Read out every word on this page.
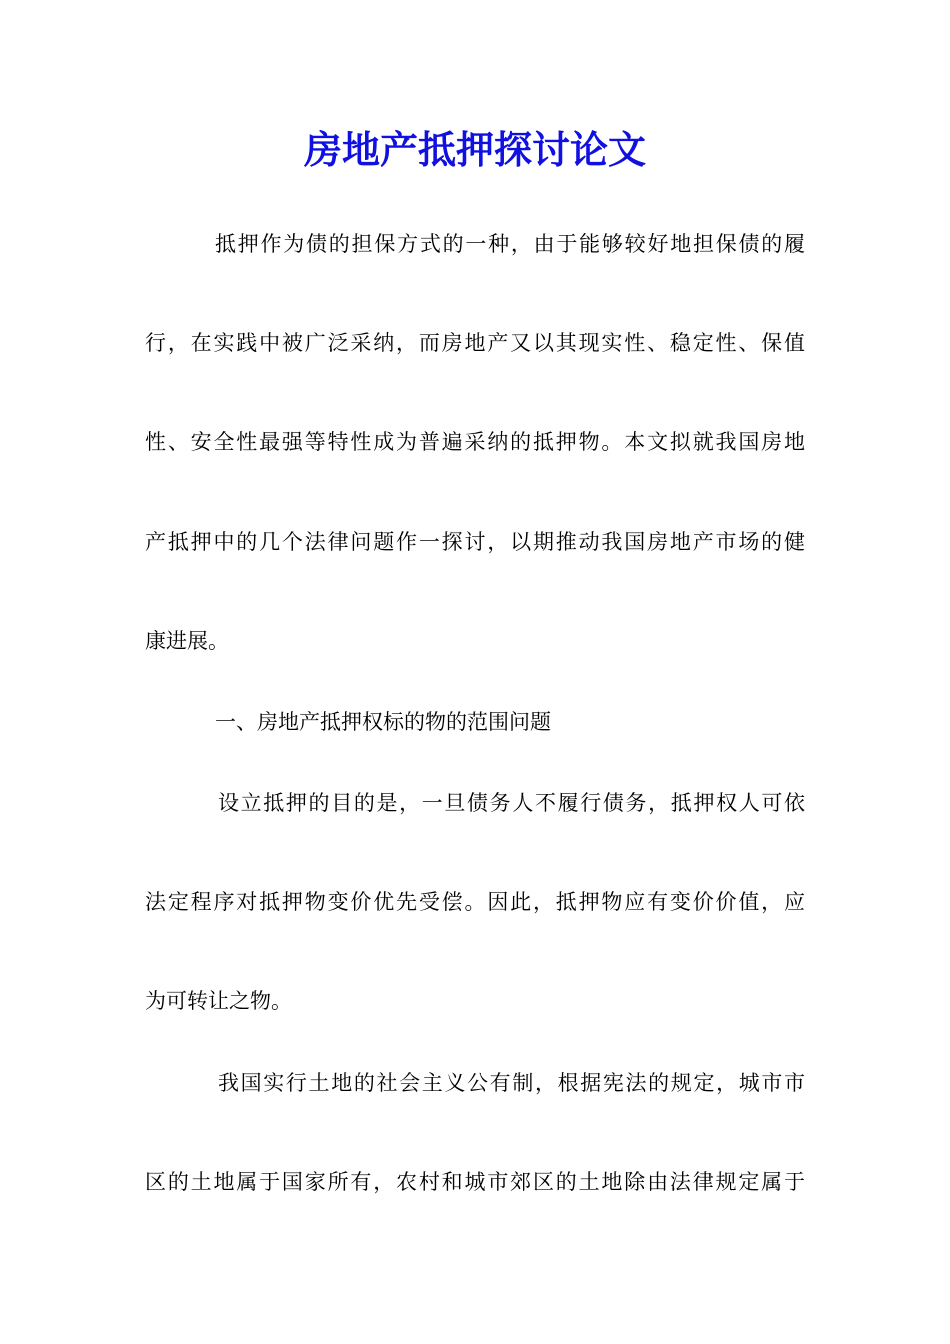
房地产抵押探讨论文

抵押作为债的担保方式的一种，由于能够较好地担保债的履

行，在实践中被广泛采纳，而房地产又以其现实性、稳定性、保值

性、安全性最强等特性成为普遍采纳的抵押物。本文拟就我国房地

产抵押中的几个法律问题作一探讨，以期推动我国房地产市场的健

康进展。

一、房地产抵押权标的物的范围问题

设立抵押的目的是，一旦债务人不履行债务，抵押权人可依

法定程序对抵押物变价优先受偿。因此，抵押物应有变价价值，应

为可转让之物。

我国实行土地的社会主义公有制，根据宪法的规定，城市市

区的土地属于国家所有，农村和城市郊区的土地除由法律规定属于
